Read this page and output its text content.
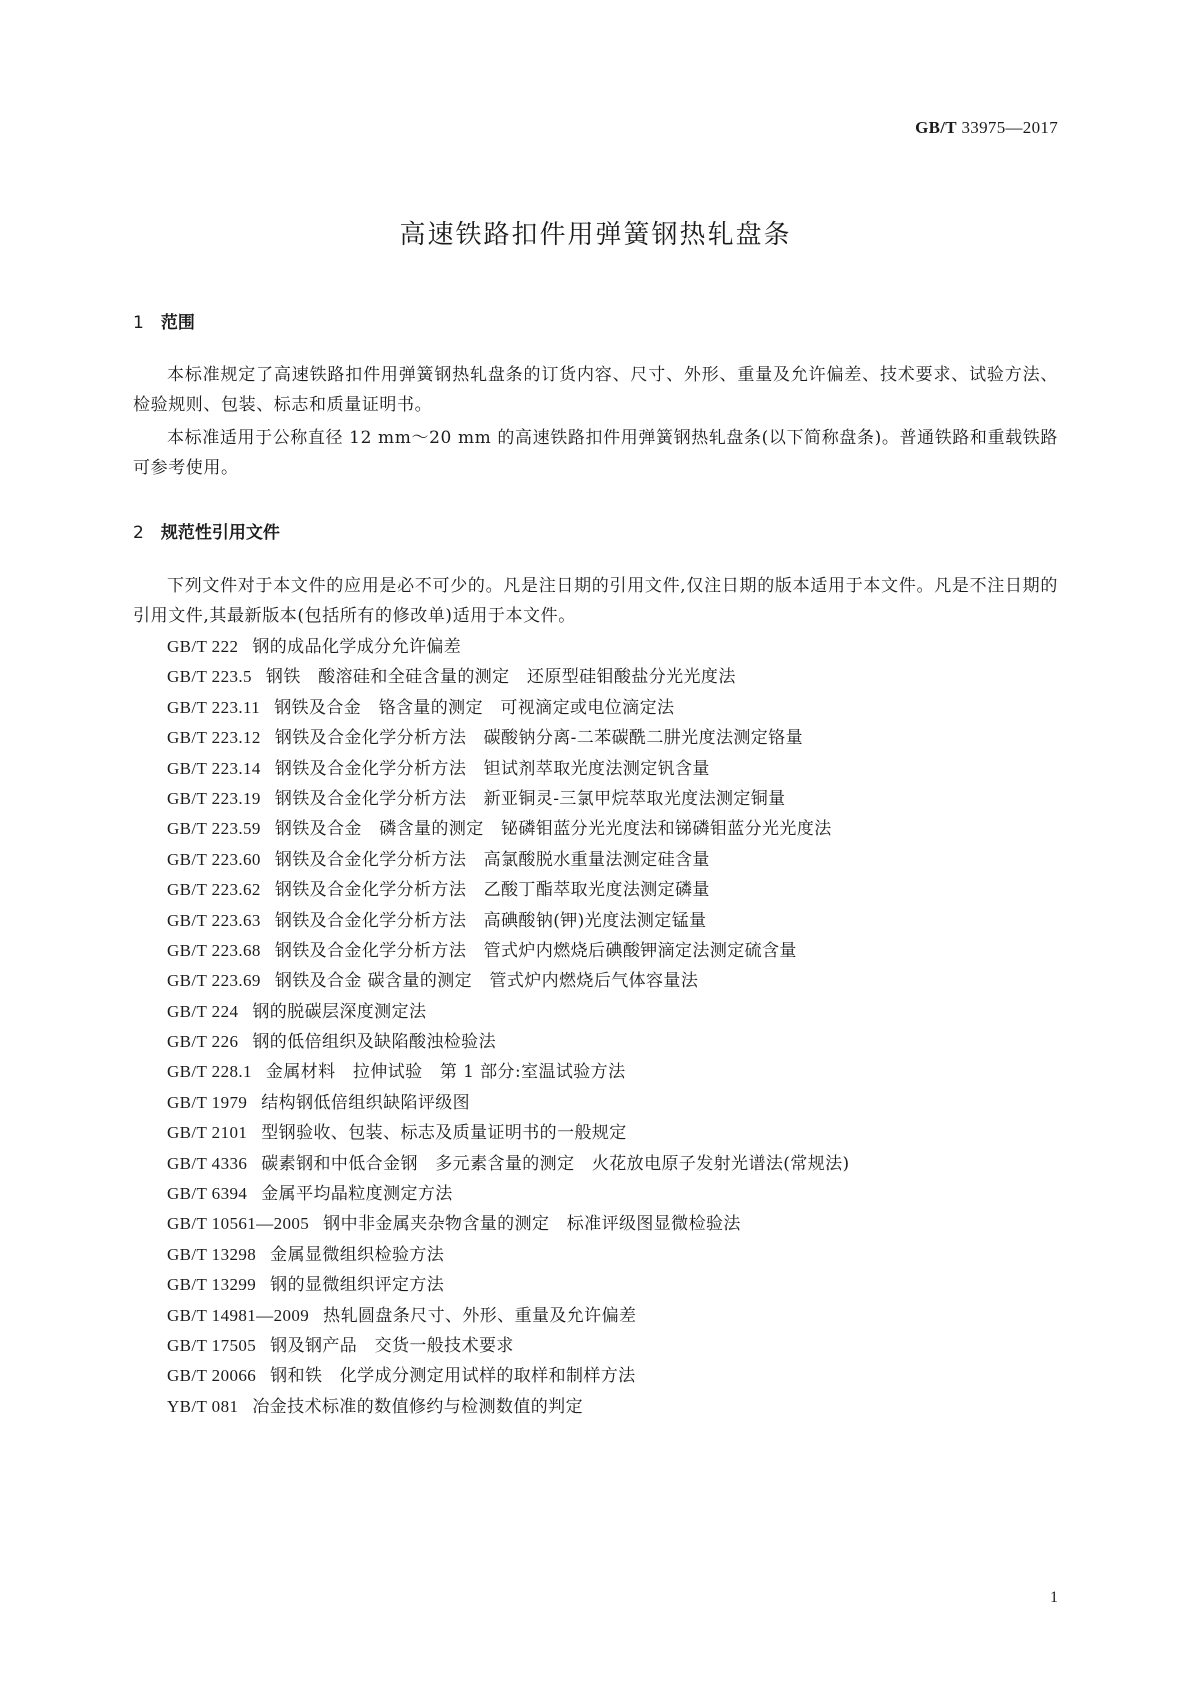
GB/T 33975—2017
高速铁路扣件用弹簧钢热轧盘条
1 范围
本标准规定了高速铁路扣件用弹簧钢热轧盘条的订货内容、尺寸、外形、重量及允许偏差、技术要求、试验方法、检验规则、包装、标志和质量证明书。
本标准适用于公称直径 12 mm～20 mm 的高速铁路扣件用弹簧钢热轧盘条(以下简称盘条)。普通铁路和重载铁路可参考使用。
2 规范性引用文件
下列文件对于本文件的应用是必不可少的。凡是注日期的引用文件,仅注日期的版本适用于本文件。凡是不注日期的引用文件,其最新版本(包括所有的修改单)适用于本文件。
GB/T 222 钢的成品化学成分允许偏差
GB/T 223.5 钢铁　酸溶硅和全硅含量的测定　还原型硅钼酸盐分光光度法
GB/T 223.11 钢铁及合金　铬含量的测定　可视滴定或电位滴定法
GB/T 223.12 钢铁及合金化学分析方法　碳酸钠分离-二苯碳酰二肼光度法测定铬量
GB/T 223.14 钢铁及合金化学分析方法　钽试剂萃取光度法测定钒含量
GB/T 223.19 钢铁及合金化学分析方法　新亚铜灵-三氯甲烷萃取光度法测定铜量
GB/T 223.59 钢铁及合金　磷含量的测定　铋磷钼蓝分光光度法和锑磷钼蓝分光光度法
GB/T 223.60 钢铁及合金化学分析方法　高氯酸脱水重量法测定硅含量
GB/T 223.62 钢铁及合金化学分析方法　乙酸丁酯萃取光度法测定磷量
GB/T 223.63 钢铁及合金化学分析方法　高碘酸钠(钾)光度法测定锰量
GB/T 223.68 钢铁及合金化学分析方法　管式炉内燃烧后碘酸钾滴定法测定硫含量
GB/T 223.69 钢铁及合金 碳含量的测定　管式炉内燃烧后气体容量法
GB/T 224 钢的脱碳层深度测定法
GB/T 226 钢的低倍组织及缺陷酸浊检验法
GB/T 228.1 金属材料　拉伸试验　第 1 部分:室温试验方法
GB/T 1979 结构钢低倍组织缺陷评级图
GB/T 2101 型钢验收、包装、标志及质量证明书的一般规定
GB/T 4336 碳素钢和中低合金钢　多元素含量的测定　火花放电原子发射光谱法(常规法)
GB/T 6394 金属平均晶粒度测定方法
GB/T 10561—2005 钢中非金属夹杂物含量的测定　标准评级图显微检验法
GB/T 13298 金属显微组织检验方法
GB/T 13299 钢的显微组织评定方法
GB/T 14981—2009 热轧圆盘条尺寸、外形、重量及允许偏差
GB/T 17505 钢及钢产品　交货一般技术要求
GB/T 20066 钢和铁　化学成分测定用试样的取样和制样方法
YB/T 081 冶金技术标准的数值修约与检测数值的判定
1
